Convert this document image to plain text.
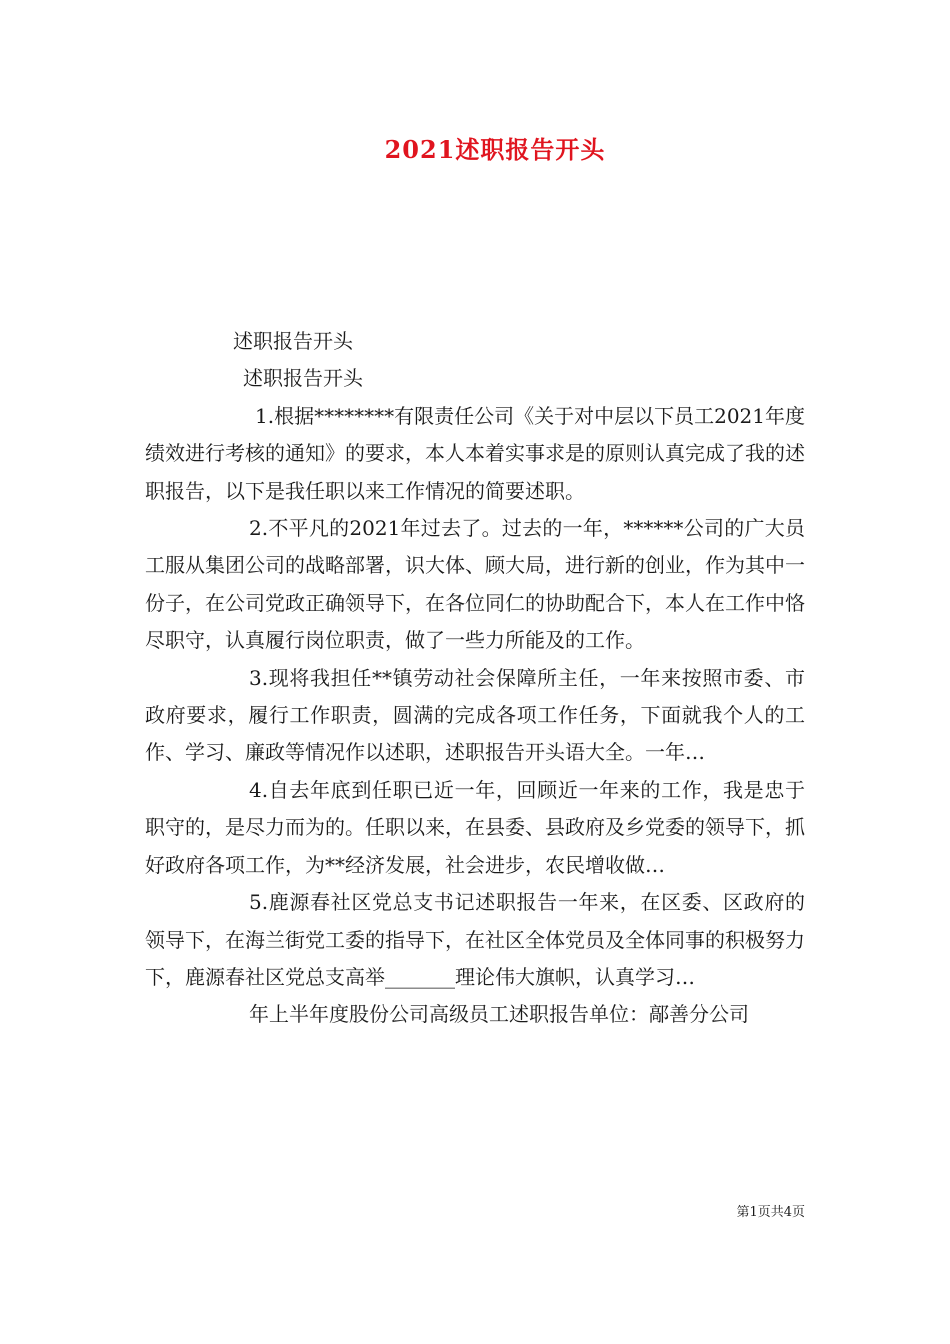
2021述职报告开头

述职报告开头

述职报告开头

1.根据********有限责任公司《关于对中层以下员工2021年度绩效进行考核的通知》的要求，本人本着实事求是的原则认真完成了我的述职报告，以下是我任职以来工作情况的简要述职。

2.不平凡的2021年过去了。过去的一年，******公司的广大员工服从集团公司的战略部署，识大体、顾大局，进行新的创业，作为其中一份子，在公司党政正确领导下，在各位同仁的协助配合下，本人在工作中恪尽职守，认真履行岗位职责，做了一些力所能及的工作。

3.现将我担任**镇劳动社会保障所主任，一年来按照市委、市政府要求，履行工作职责，圆满的完成各项工作任务，下面就我个人的工作、学习、廉政等情况作以述职，述职报告开头语大全。一年…

4.自去年底到任职已近一年，回顾近一年来的工作，我是忠于职守的，是尽力而为的。任职以来，在县委、县政府及乡党委的领导下，抓好政府各项工作，为**经济发展，社会进步，农民增收做…

5.鹿源春社区党总支书记述职报告一年来，在区委、区政府的领导下，在海兰街党工委的指导下，在社区全体党员及全体同事的积极努力下，鹿源春社区党总支高举_______理论伟大旗帜，认真学习…

年上半年度股份公司高级员工述职报告单位：鄗善分公司

第1页共4页
